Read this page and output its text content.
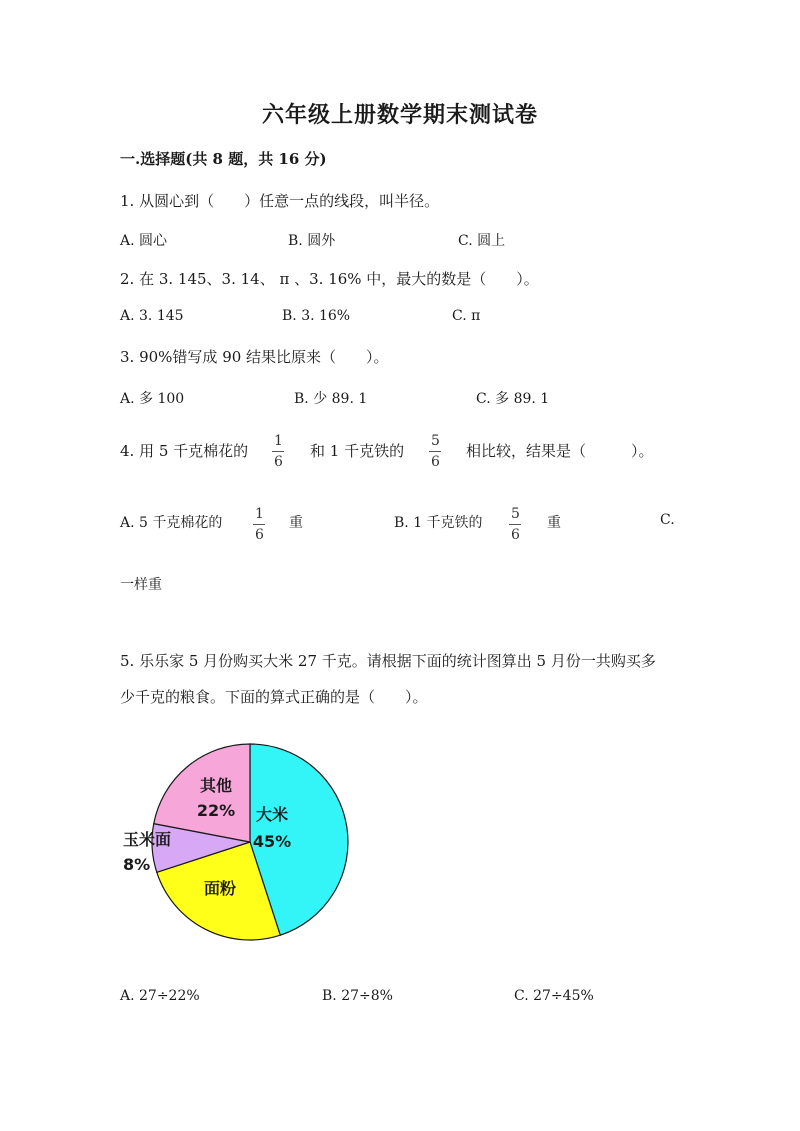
六年级上册数学期末测试卷
一.选择题(共 8 题，共 16 分)
1. 从圆心到（　　）任意一点的线段，叫半径。
A. 圆心	B. 圆外	C. 圆上
2. 在 3. 145、3. 14、 π 、3. 16% 中，最大的数是（　　）。
A. 3. 145	B. 3. 16%	C. π
3. 90%错写成 90 结果比原来（　　）。
A. 多 100	B. 少 89. 1	C. 多 89. 1
4. 用 5 千克棉花的
1
6
和 1 千克铁的
5
6
相比较，结果是（　　　）。
A. 5 千克棉花的
1
6
重	B. 1 千克铁的
5
6
重	C.
一样重
5. 乐乐家 5 月份购买大米 27 千克。请根据下面的统计图算出 5 月份一共购买多
少千克的粮食。下面的算式正确的是（　　）。
大米
45%
面粉
玉米面
8%
其他
22%
A. 27÷22%	B. 27÷8%	C. 27÷45%
